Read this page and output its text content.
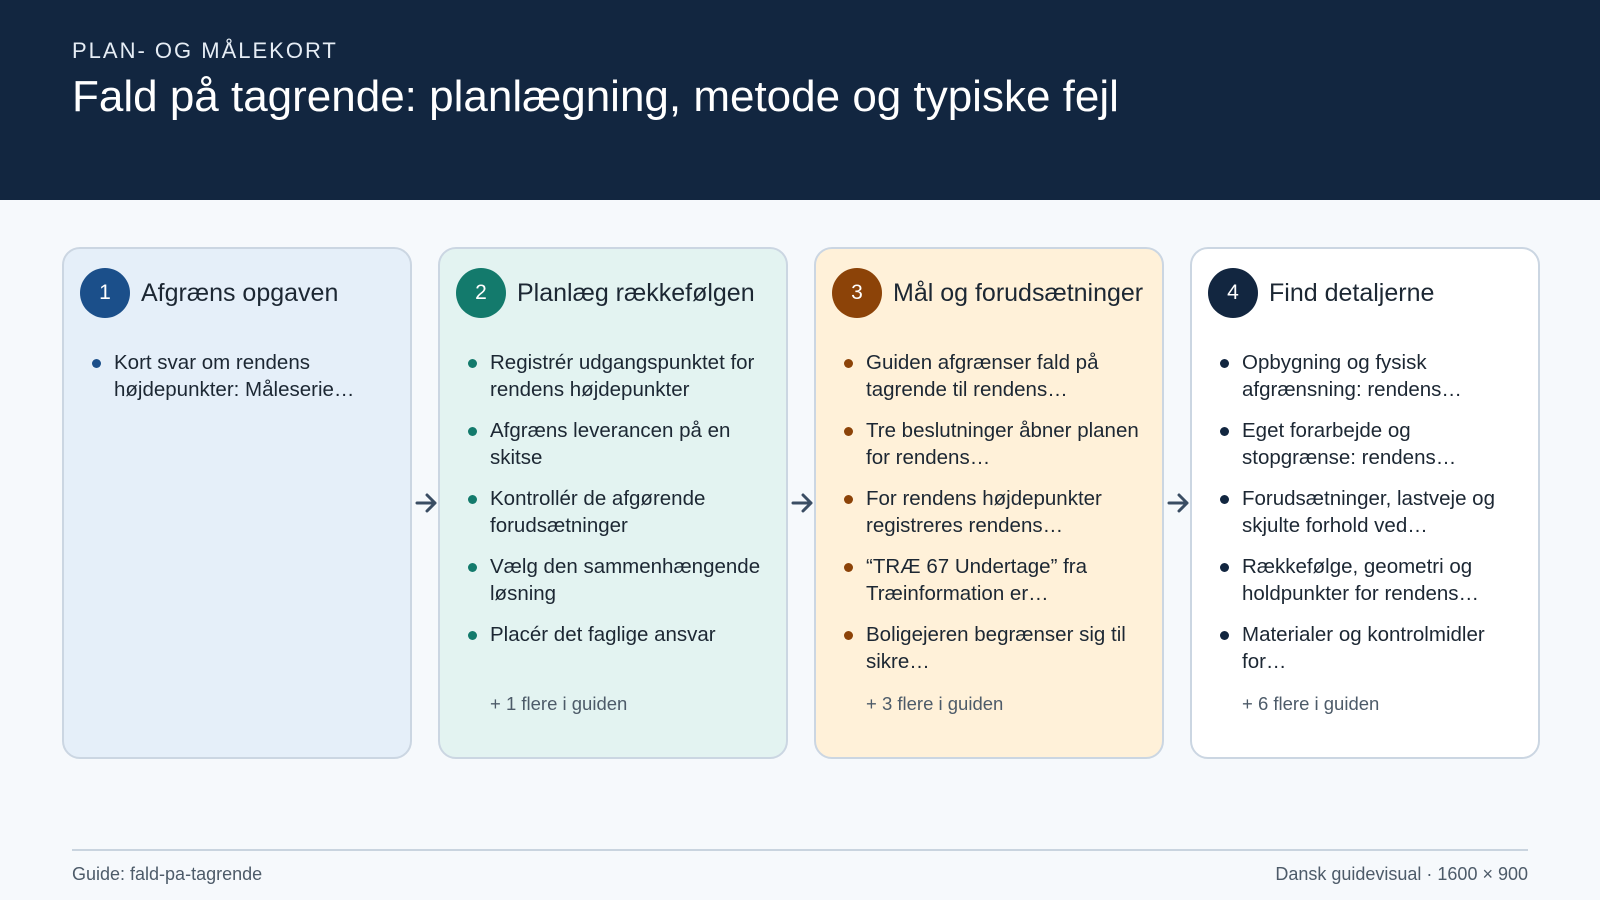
PLAN- OG MÅLEKORT
Fald på tagrende: planlægning, metode og typiske fejl
1	Afgræns opgaven
Kort svar om rendens højdepunkter: Måleserie…
2	Planlæg rækkefølgen
Registrér udgangspunktet for rendens højdepunkter
Afgræns leverancen på en skitse
Kontrollér de afgørende forudsætninger
Vælg den sammenhængende løsning
Placér det faglige ansvar
+ 1 flere i guiden
3	Mål og forudsætninger
Guiden afgrænser fald på tagrende til rendens…
Tre beslutninger åbner planen for rendens…
For rendens højdepunkter registreres rendens…
“TRÆ 67 Undertage” fra Træinformation er…
Boligejeren begrænser sig til sikre…
+ 3 flere i guiden
4	Find detaljerne
Opbygning og fysisk afgrænsning: rendens…
Eget forarbejde og stopgrænse: rendens…
Forudsætninger, lastveje og skjulte forhold ved…
Rækkefølge, geometri og holdpunkter for rendens…
Materialer og kontrolmidler for…
+ 6 flere i guiden
Guide: fald-pa-tagrende	Dansk guidevisual · 1600 × 900
